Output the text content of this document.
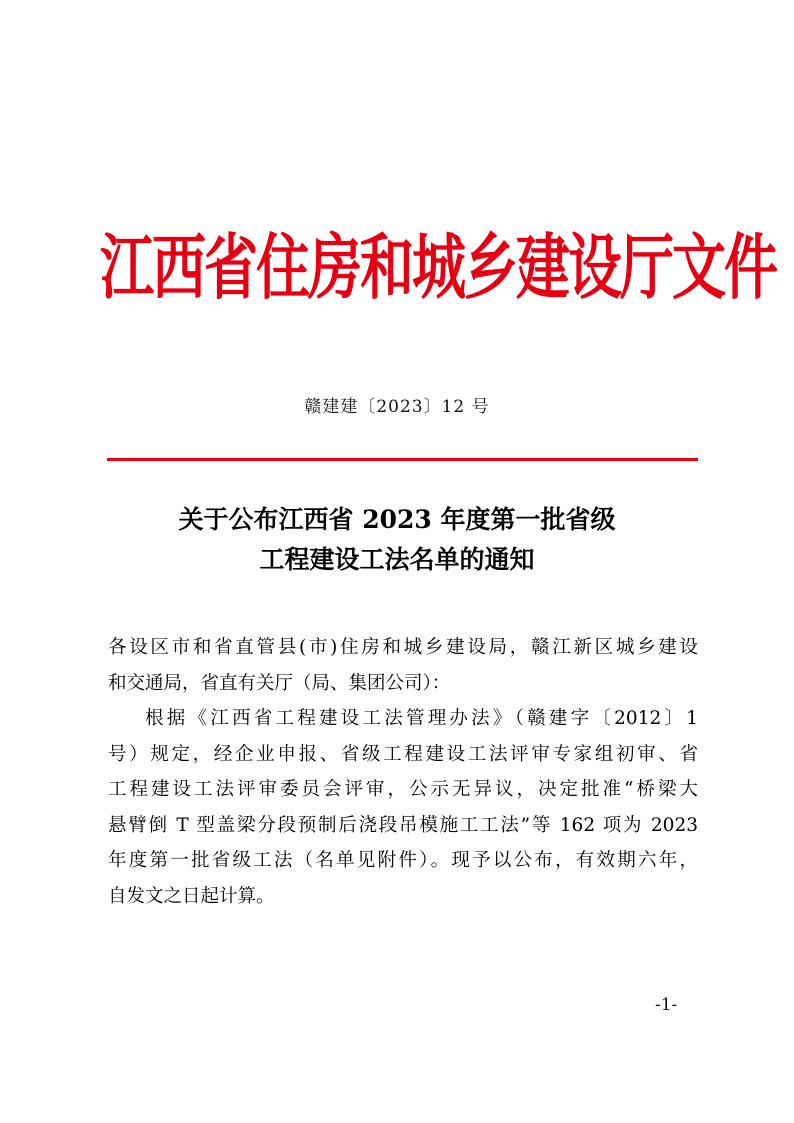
江西省住房和城乡建设厅文件
赣建建〔2023〕12 号
关于公布江西省 2023 年度第一批省级
工程建设工法名单的通知
各设区市和省直管县(市)住房和城乡建设局，赣江新区城乡建设
和交通局，省直有关厅（局、集团公司）：
根据《江西省工程建设工法管理办法》（赣建字〔2012〕1
号）规定，经企业申报、省级工程建设工法评审专家组初审、省
工程建设工法评审委员会评审，公示无异议，决定批准“桥梁大
悬臂倒 T 型盖梁分段预制后浇段吊模施工工法”等 162 项为 2023
年度第一批省级工法（名单见附件）。现予以公布，有效期六年，
自发文之日起计算。
-1-
